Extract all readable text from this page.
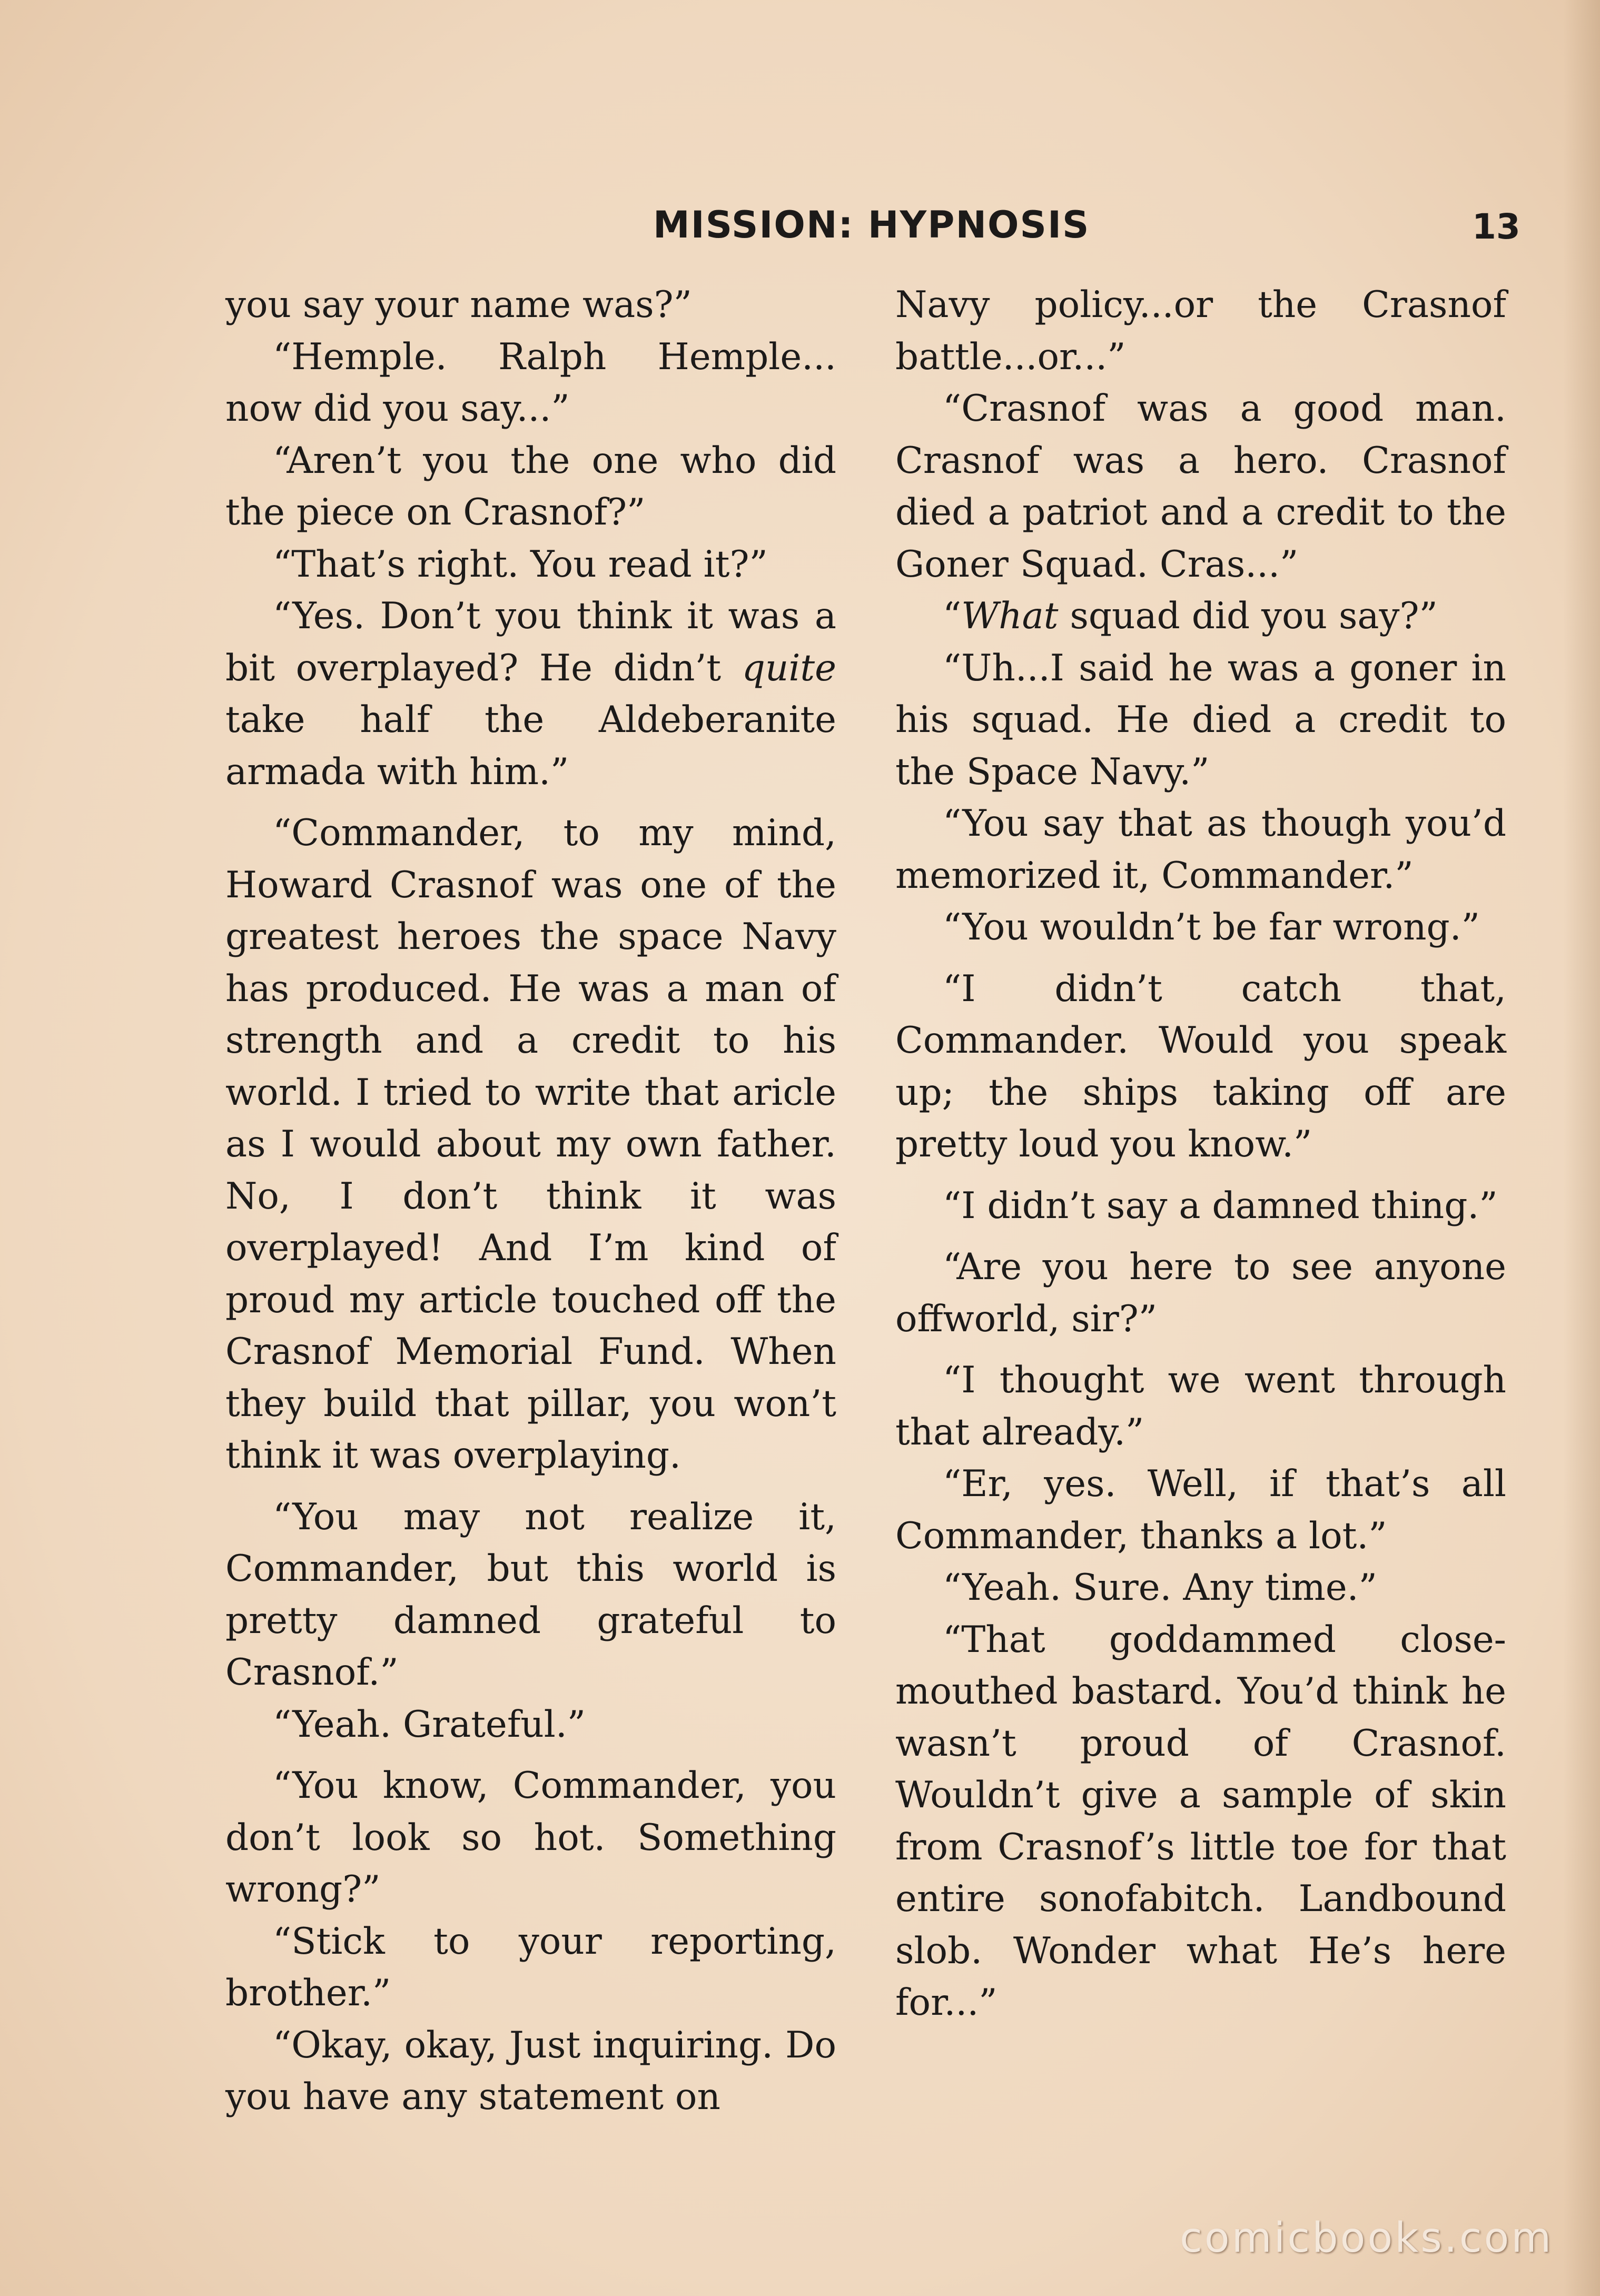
MISSION: HYPNOSIS	13

you say your name was?”

“Hemple. Ralph Hemple... now did you say...”

“Aren’t you the one who did the piece on Crasnof?”

“That’s right. You read it?”

“Yes. Don’t you think it was a bit overplayed? He didn’t quite take half the Aldeberanite armada with him.”

“Commander, to my mind, Howard Crasnof was one of the greatest heroes the space Navy has produced. He was a man of strength and a credit to his world. I tried to write that aricle as I would about my own father. No, I don’t think it was overplayed! And I’m kind of proud my article touched off the Crasnof Memorial Fund. When they build that pillar, you won’t think it was overplaying.

“You may not realize it, Commander, but this world is pretty damned grateful to Crasnof.”

“Yeah. Grateful.”

“You know, Commander, you don’t look so hot. Something wrong?”

“Stick to your reporting, brother.”

“Okay, okay, Just inquiring. Do you have any statement on

Navy policy...or the Crasnof battle...or...”

“Crasnof was a good man. Crasnof was a hero. Crasnof died a patriot and a credit to the Goner Squad. Cras...”

“What squad did you say?”

“Uh...I said he was a goner in his squad. He died a credit to the Space Navy.”

“You say that as though you’d memorized it, Commander.”

“You wouldn’t be far wrong.”

“I didn’t catch that, Commander. Would you speak up; the ships taking off are pretty loud you know.”

“I didn’t say a damned thing.”

“Are you here to see anyone offworld, sir?”

“I thought we went through that already.”

“Er, yes. Well, if that’s all Commander, thanks a lot.”

“Yeah. Sure. Any time.”

“That goddammed close-mouthed bastard. You’d think he wasn’t proud of Crasnof. Wouldn’t give a sample of skin from Crasnof’s little toe for that entire sonofabitch. Landbound slob. Wonder what He’s here for...”

comicbooks.com
